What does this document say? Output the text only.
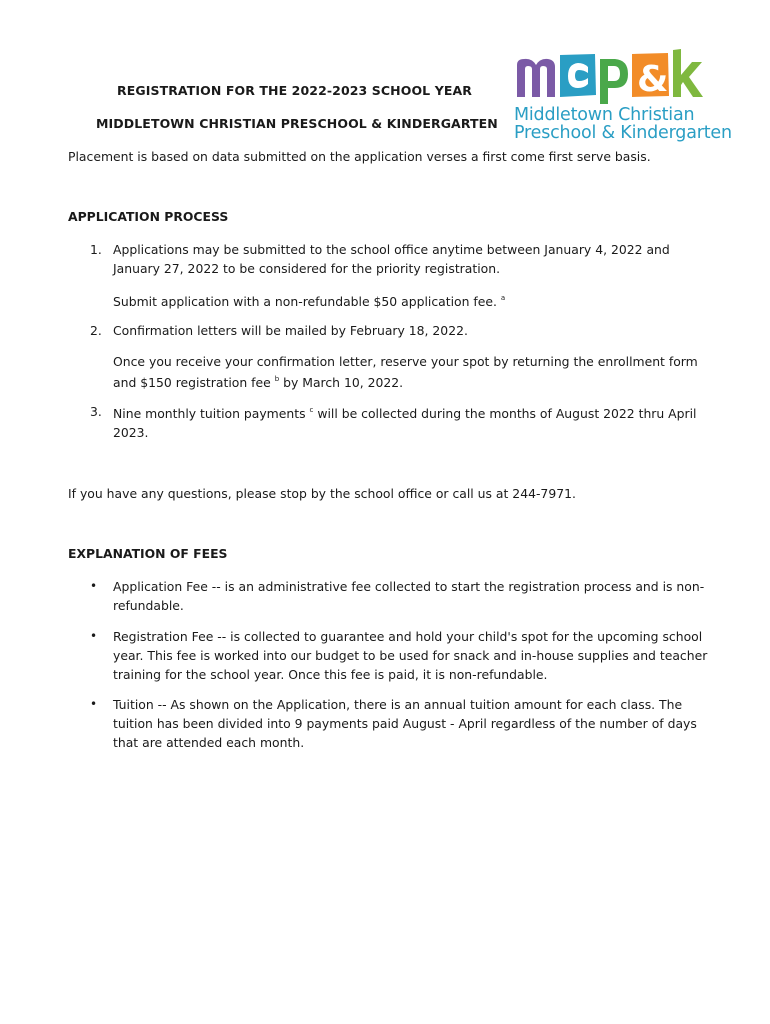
REGISTRATION FOR THE 2022-2023 SCHOOL YEAR
MIDDLETOWN CHRISTIAN PRESCHOOL & KINDERGARTEN
&
Middletown Christian
Preschool & Kindergarten
Placement is based on data submitted on the application verses a first come first serve basis.
APPLICATION PROCESS
1. Applications may be submitted to the school office anytime between January 4, 2022 and January 27, 2022 to be considered for the priority registration.
Submit application with a non-refundable $50 application fee. $^a$
2. Confirmation letters will be mailed by February 18, 2022.
Once you receive your confirmation letter, reserve your spot by returning the enrollment form and $150 registration fee $^b$ by March 10, 2022.
3. Nine monthly tuition payments $^c$ will be collected during the months of August 2022 thru April 2023.
If you have any questions, please stop by the school office or call us at 244-7971.
EXPLANATION OF FEES
• Application Fee -- is an administrative fee collected to start the registration process and is non-refundable.
• Registration Fee -- is collected to guarantee and hold your child's spot for the upcoming school year. This fee is worked into our budget to be used for snack and in-house supplies and teacher training for the school year. Once this fee is paid, it is non-refundable.
• Tuition -- As shown on the Application, there is an annual tuition amount for each class. The tuition has been divided into 9 payments paid August - April regardless of the number of days that are attended each month.
